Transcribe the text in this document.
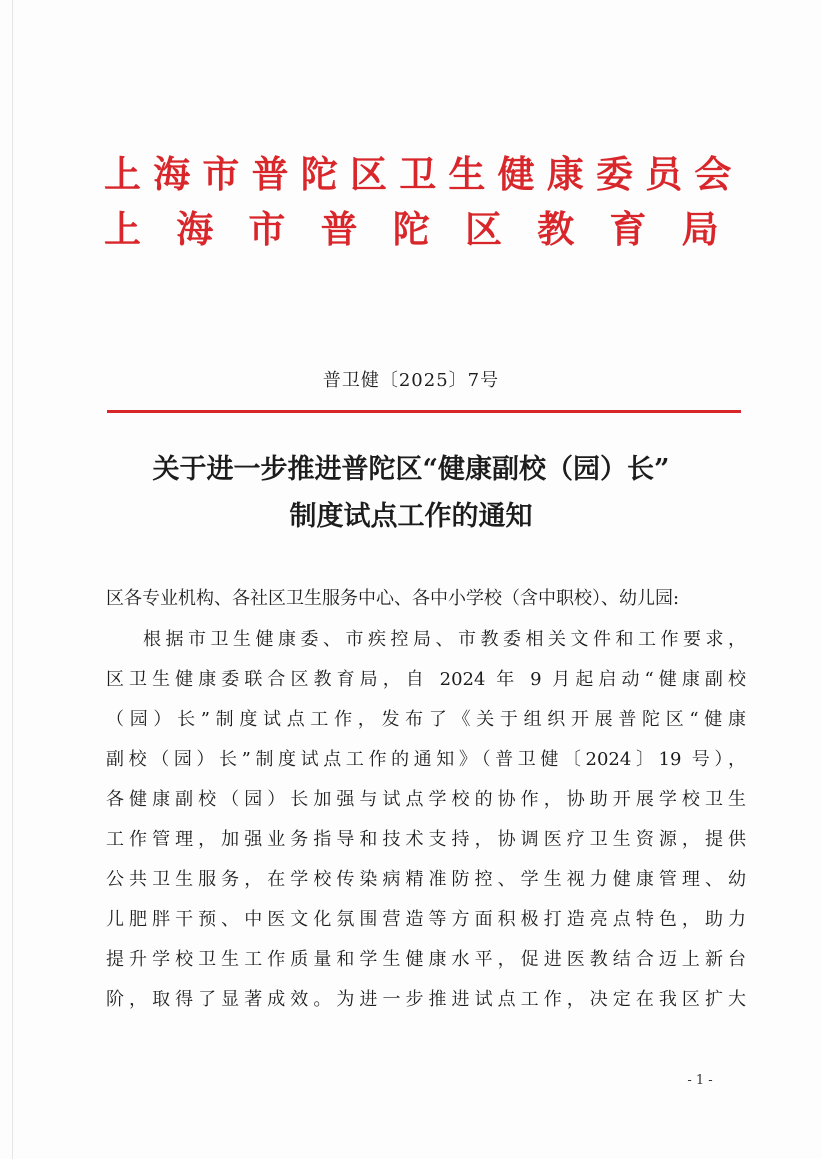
上海市普陀区卫生健康委员会
上海市普陀区教育局
普卫健〔2025〕7号
关于进一步推进普陀区“健康副校（园）长”
制度试点工作的通知
区各专业机构、各社区卫生服务中心、各中小学校（含中职校）、幼儿园:
根据市卫生健康委、市疾控局、市教委相关文件和工作要求，
区卫生健康委联合区教育局，自 2024 年 9 月起启动“健康副校
（园）长”制度试点工作，发布了《关于组织开展普陀区“健康
副校（园）长”制度试点工作的通知》（普卫健〔2024〕19 号），
各健康副校（园）长加强与试点学校的协作，协助开展学校卫生
工作管理，加强业务指导和技术支持，协调医疗卫生资源，提供
公共卫生服务，在学校传染病精准防控、学生视力健康管理、幼
儿肥胖干预、中医文化氛围营造等方面积极打造亮点特色，助力
提升学校卫生工作质量和学生健康水平，促进医教结合迈上新台
阶，取得了显著成效。为进一步推进试点工作，决定在我区扩大
- 1 -
